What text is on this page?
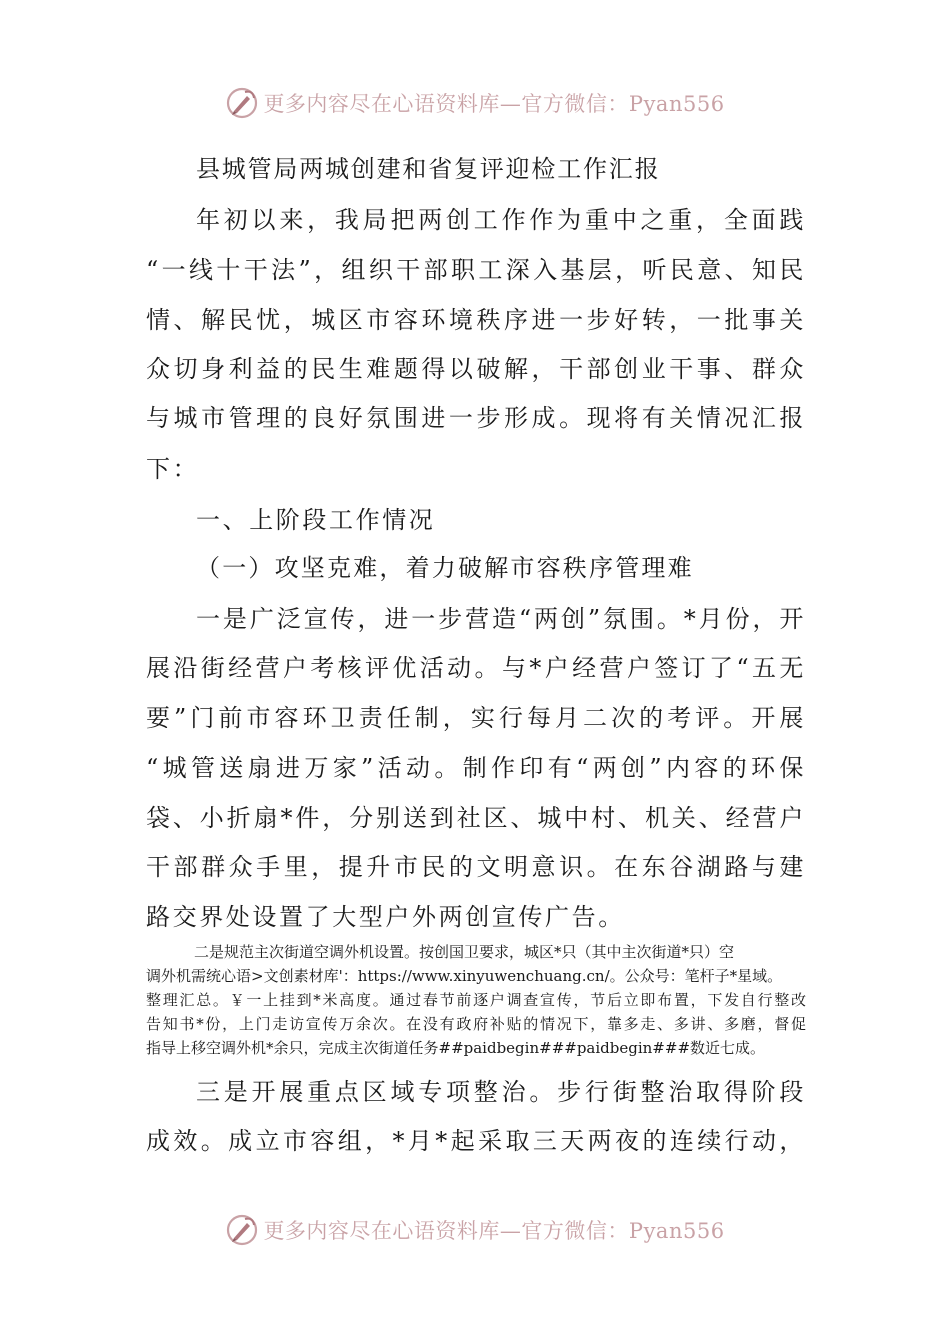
更多内容尽在心语资料库—官方微信：Pyan556
县城管局两城创建和省复评迎检工作汇报
年初以来，我局把两创工作作为重中之重，全面践
“一线十干法”，组织干部职工深入基层，听民意、知民
情、解民忧，城区市容环境秩序进一步好转，一批事关
众切身利益的民生难题得以破解，干部创业干事、群众
与城市管理的良好氛围进一步形成。现将有关情况汇报
下：
一、上阶段工作情况
（一）攻坚克难，着力破解市容秩序管理难
一是广泛宣传，进一步营造“两创”氛围。*月份，开
展沿街经营户考核评优活动。与*户经营户签订了“五无
要”门前市容环卫责任制，实行每月二次的考评。开展
“城管送扇进万家”活动。制作印有“两创”内容的环保
袋、小折扇*件，分别送到社区、城中村、机关、经营户
干部群众手里，提升市民的文明意识。在东谷湖路与建
路交界处设置了大型户外两创宣传广告。
二是规范主次街道空调外机设置。按创国卫要求，城区*只（其中主次街道*只）空
调外机需统心语>文创素材库'：https://www.xinyuwenchuang.cn/。公众号：笔杆子*星域。
整理汇总。￥一上挂到*米高度。通过春节前逐户调查宣传，节后立即布置，下发自行整改
告知书*份，上门走访宣传万余次。在没有政府补贴的情况下，靠多走、多讲、多磨，督促
指导上移空调外机*余只，完成主次街道任务##paidbegin###paidbegin###数近七成。
三是开展重点区域专项整治。步行街整治取得阶段
成效。成立市容组，*月*起采取三天两夜的连续行动，
更多内容尽在心语资料库—官方微信：Pyan556
